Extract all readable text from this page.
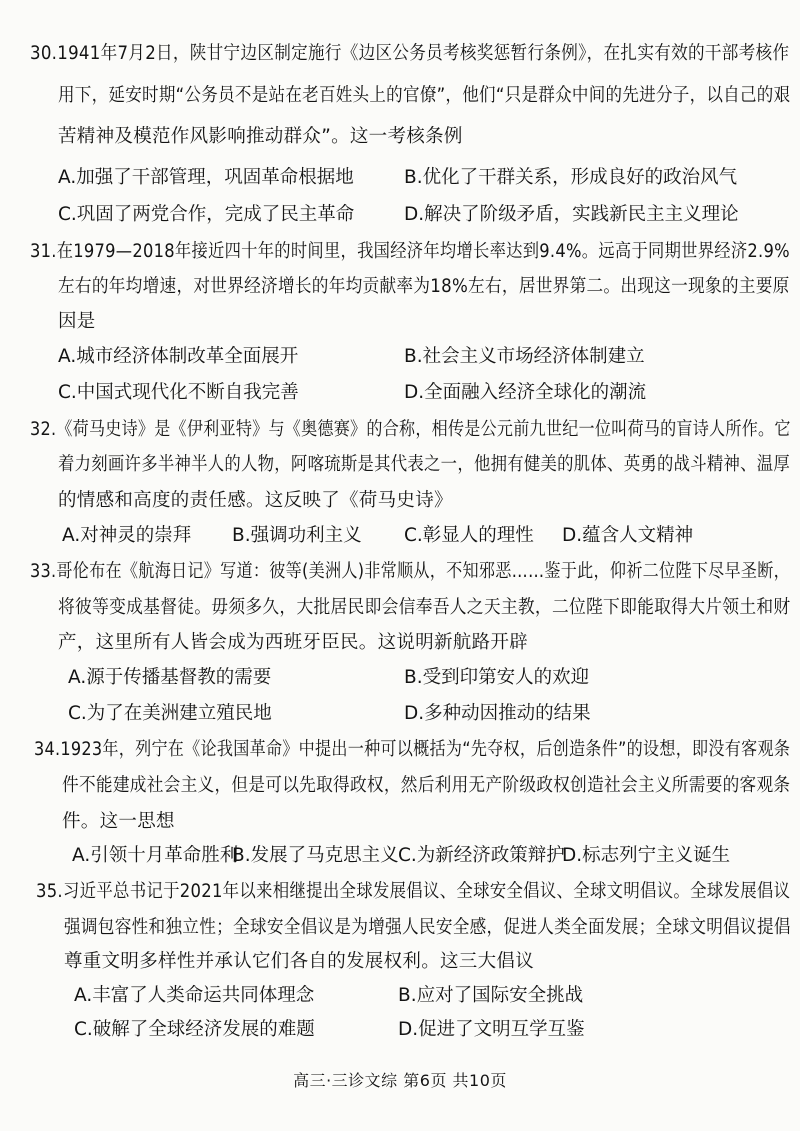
30.1941年7月2日，陕甘宁边区制定施行《边区公务员考核奖惩暂行条例》，在扎实有效的干部考核作
用下，延安时期“公务员不是站在老百姓头上的官僚”，他们“只是群众中间的先进分子，以自己的艰
苦精神及模范作风影响推动群众”。这一考核条例
A.加强了干部管理，巩固革命根据地	B.优化了干群关系，形成良好的政治风气
C.巩固了两党合作，完成了民主革命	D.解决了阶级矛盾，实践新民主主义理论
31.在1979—2018年接近四十年的时间里，我国经济年均增长率达到9.4%。远高于同期世界经济2.9%
左右的年均增速，对世界经济增长的年均贡献率为18%左右，居世界第二。出现这一现象的主要原
因是
A.城市经济体制改革全面展开	B.社会主义市场经济体制建立
C.中国式现代化不断自我完善	D.全面融入经济全球化的潮流
32.《荷马史诗》是《伊利亚特》与《奥德赛》的合称，相传是公元前九世纪一位叫荷马的盲诗人所作。它
着力刻画许多半神半人的人物，阿喀琉斯是其代表之一，他拥有健美的肌体、英勇的战斗精神、温厚
的情感和高度的责任感。这反映了《荷马史诗》
A.对神灵的崇拜 B.强调功利主义 C.彰显人的理性 D.蕴含人文精神
33.哥伦布在《航海日记》写道：彼等(美洲人)非常顺从，不知邪恶……鉴于此，仰祈二位陛下尽早圣断，
将彼等变成基督徒。毋须多久，大批居民即会信奉吾人之天主教，二位陛下即能取得大片领土和财
产，这里所有人皆会成为西班牙臣民。这说明新航路开辟
A.源于传播基督教的需要	B.受到印第安人的欢迎
C.为了在美洲建立殖民地	D.多种动因推动的结果
34.1923年，列宁在《论我国革命》中提出一种可以概括为“先夺权，后创造条件”的设想，即没有客观条
件不能建成社会主义，但是可以先取得政权，然后利用无产阶级政权创造社会主义所需要的客观条
件。这一思想
A.引领十月革命胜利
B.发展了马克思主义 C.为新经济政策辩护
D.标志列宁主义诞生
35.习近平总书记于2021年以来相继提出全球发展倡议、全球安全倡议、全球文明倡议。全球发展倡议
强调包容性和独立性；全球安全倡议是为增强人民安全感，促进人类全面发展；全球文明倡议提倡
尊重文明多样性并承认它们各自的发展权利。这三大倡议
A.丰富了人类命运共同体理念	B.应对了国际安全挑战
C.破解了全球经济发展的难题	D.促进了文明互学互鉴
高三·三诊文综 第6页 共10页
